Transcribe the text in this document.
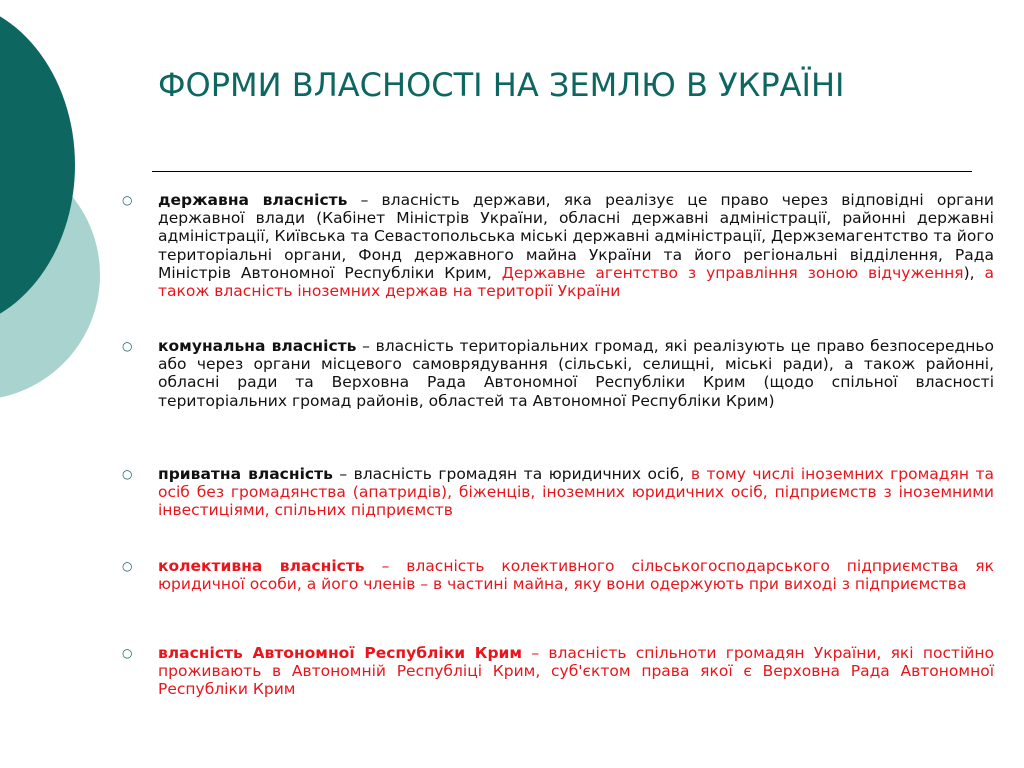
ФОРМИ ВЛАСНОСТІ НА ЗЕМЛЮ В УКРАЇНІ
○ державна власність – власність держави, яка реалізує це право через відповідні органи державної влади (Кабінет Міністрів України, обласні державні адміністрації, районні державні адміністрації, Київська та Севастопольська міські державні адміністрації, Держземагентство та його територіальні органи, Фонд державного майна України та його регіональні відділення, Рада Міністрів Автономної Республіки Крим, Державне агентство з управління зоною відчуження), а також власність іноземних держав на території України
○ комунальна власність – власність територіальних громад, які реалізують це право безпосередньо або через органи місцевого самоврядування (сільські, селищні, міські ради), а також районні, обласні ради та Верховна Рада Автономної Республіки Крим (щодо спільної власності територіальних громад районів, областей та Автономної Республіки Крим)
○ приватна власність – власність громадян та юридичних осіб, в тому числі іноземних громадян та осіб без громадянства (апатридів), біженців, іноземних юридичних осіб, підприємств з іноземними інвестиціями, спільних підприємств
○ колективна власність – власність колективного сільськогосподарського підприємства як юридичної особи, а його членів – в частині майна, яку вони одержують при виході з підприємства
○ власність Автономної Республіки Крим – власність спільноти громадян України, які постійно проживають в Автономній Республіці Крим, суб'єктом права якої є Верховна Рада Автономної Республіки Крим
